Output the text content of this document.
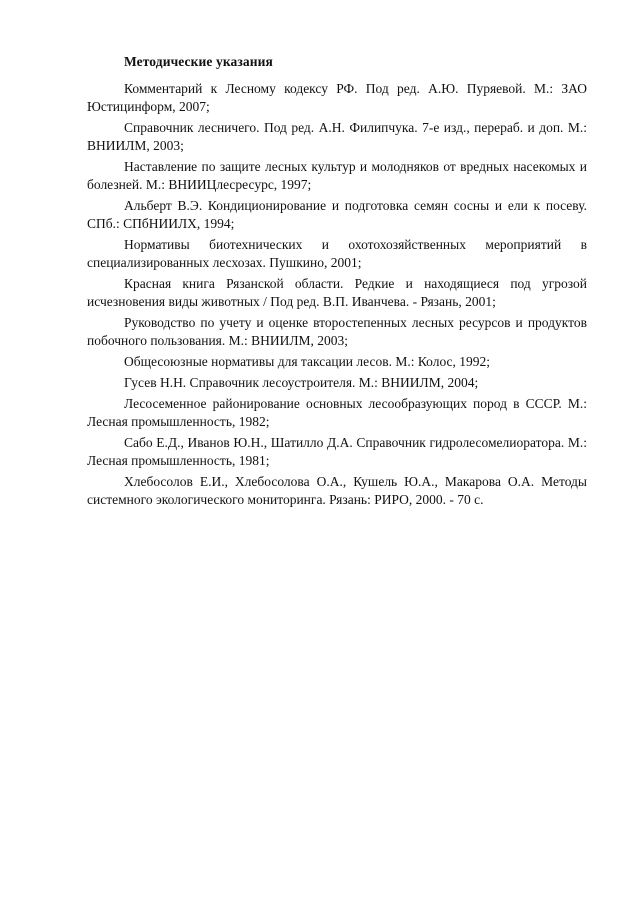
Методические указания
Комментарий к Лесному кодексу РФ. Под ред. А.Ю. Пуряевой. М.: ЗАО Юстицинформ, 2007;
Справочник лесничего. Под ред. А.Н. Филипчука. 7-е изд., перераб. и доп. М.: ВНИИЛМ, 2003;
Наставление по защите лесных культур и молодняков от вредных насекомых и болезней. М.: ВНИИЦлесресурс, 1997;
Альберт В.Э. Кондиционирование и подготовка семян сосны и ели к посеву. СПб.: СПбНИИЛХ, 1994;
Нормативы биотехнических и охотохозяйственных мероприятий в специализированных лесхозах. Пушкино, 2001;
Красная книга Рязанской области. Редкие и находящиеся под угрозой исчезновения виды животных / Под ред. В.П. Иванчева. - Рязань, 2001;
Руководство по учету и оценке второстепенных лесных ресурсов и продуктов побочного пользования. М.: ВНИИЛМ, 2003;
Общесоюзные нормативы для таксации лесов. М.: Колос, 1992;
Гусев Н.Н. Справочник лесоустроителя. М.: ВНИИЛМ, 2004;
Лесосеменное районирование основных лесообразующих пород в СССР. М.: Лесная промышленность, 1982;
Сабо Е.Д., Иванов Ю.Н., Шатилло Д.А. Справочник гидролесомелиоратора. М.: Лесная промышленность, 1981;
Хлебосолов Е.И., Хлебосолова О.А., Кушель Ю.А., Макарова О.А. Методы системного экологического мониторинга. Рязань: РИРО, 2000. - 70 с.
